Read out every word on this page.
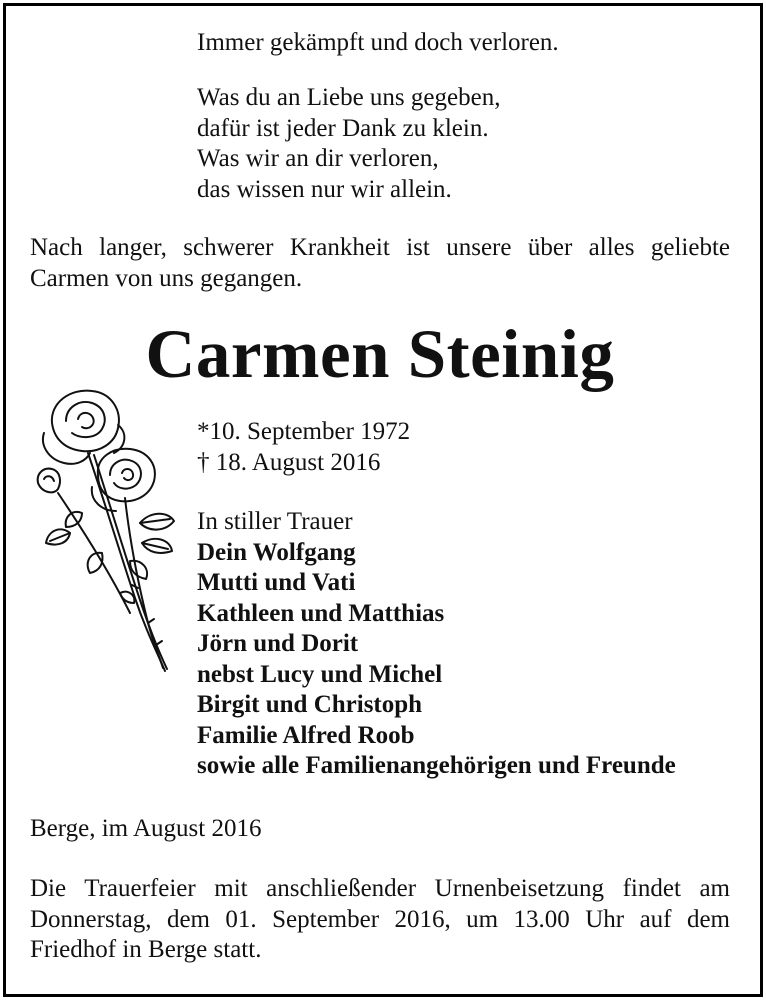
Immer gekämpft und doch verloren.
Was du an Liebe uns gegeben,
dafür ist jeder Dank zu klein.
Was wir an dir verloren,
das wissen nur wir allein.
Nach langer, schwerer Krankheit ist unsere über alles geliebte
Carmen von uns gegangen.
Carmen Steinig
*10. September 1972
† 18. August 2016
In stiller Trauer
Dein Wolfgang
Mutti und Vati
Kathleen und Matthias
Jörn und Dorit
nebst Lucy und Michel
Birgit und Christoph
Familie Alfred Roob
sowie alle Familienangehörigen und Freunde
Berge, im August 2016
Die Trauerfeier mit anschließender Urnenbeisetzung findet am
Donnerstag, dem 01. September 2016, um 13.00 Uhr auf dem
Friedhof in Berge statt.
